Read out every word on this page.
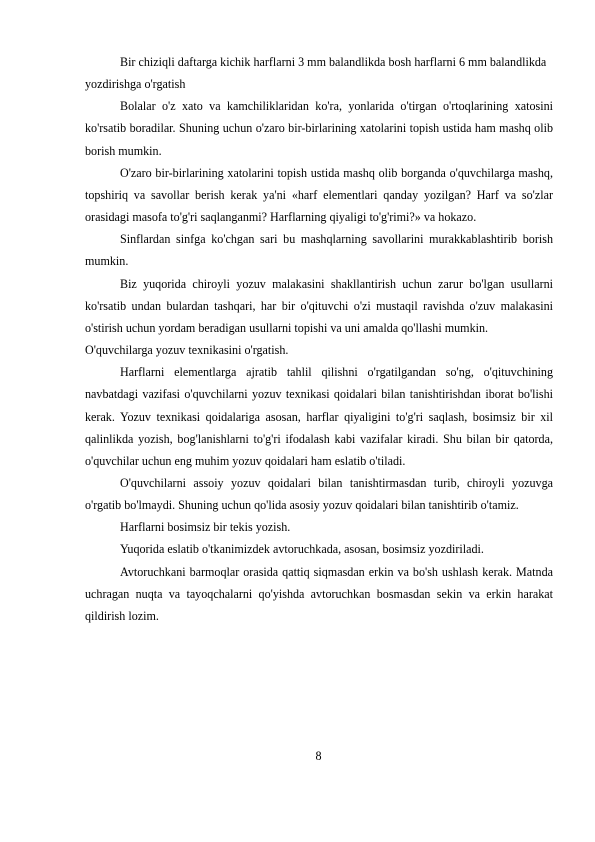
Bir chiziqli daftarga kichik harflarni 3 mm balandlikda bosh harflarni 6 mm balandlikda yozdirishga o'rgatish

Bolalar o'z xato va kamchiliklaridan ko'ra, yonlarida o'tirgan o'rtoqlarining xatosini ko'rsatib boradilar. Shuning uchun o'zaro bir-birlarining xatolarini topish ustida ham mashq olib borish mumkin.

O'zaro bir-birlarining xatolarini topish ustida mashq olib borganda o'quvchilarga mashq, topshiriq va savollar berish kerak ya'ni «harf elementlari qanday yozilgan? Harf va so'zlar orasidagi masofa to'g'ri saqlanganmi? Harflarning qiyaligi to'g'rimi?» va hokazo.

Sinflardan sinfga ko'chgan sari bu mashqlarning savollarini murakkablashtirib borish mumkin.

Biz yuqorida chiroyli yozuv malakasini shakllantirish uchun zarur bo'lgan usullarni ko'rsatib undan bulardan tashqari, har bir o'qituvchi o'zi mustaqil ravishda o'zuv malakasini o'stirish uchun yordam beradigan usullarni topishi va uni amalda qo'llashi mumkin.

O'quvchilarga yozuv texnikasini o'rgatish.

Harflarni elementlarga ajratib tahlil qilishni o'rgatilgandan so'ng, o'qituvchining navbatdagi vazifasi o'quvchilarni yozuv texnikasi qoidalari bilan tanishtirishdan iborat bo'lishi kerak. Yozuv texnikasi qoidalariga asosan, harflar qiyaligini to'g'ri saqlash, bosimsiz bir xil qalinlikda yozish, bog'lanishlarni to'g'ri ifodalash kabi vazifalar kiradi. Shu bilan bir qatorda, o'quvchilar uchun eng muhim yozuv qoidalari ham eslatib o'tiladi.

O'quvchilarni assoiy yozuv qoidalari bilan tanishtirmasdan turib, chiroyli yozuvga o'rgatib bo'lmaydi. Shuning uchun qo'lida asosiy yozuv qoidalari bilan tanishtirib o'tamiz.

Harflarni bosimsiz bir tekis yozish.

Yuqorida eslatib o'tkanimizdek avtoruchkada, asosan, bosimsiz yozdiriladi.

Avtoruchkani barmoqlar orasida qattiq siqmasdan erkin va bo'sh ushlash kerak. Matnda uchragan nuqta va tayoqchalarni qo'yishda avtoruchkan bosmasdan sekin va erkin harakat qildirish lozim.

8
